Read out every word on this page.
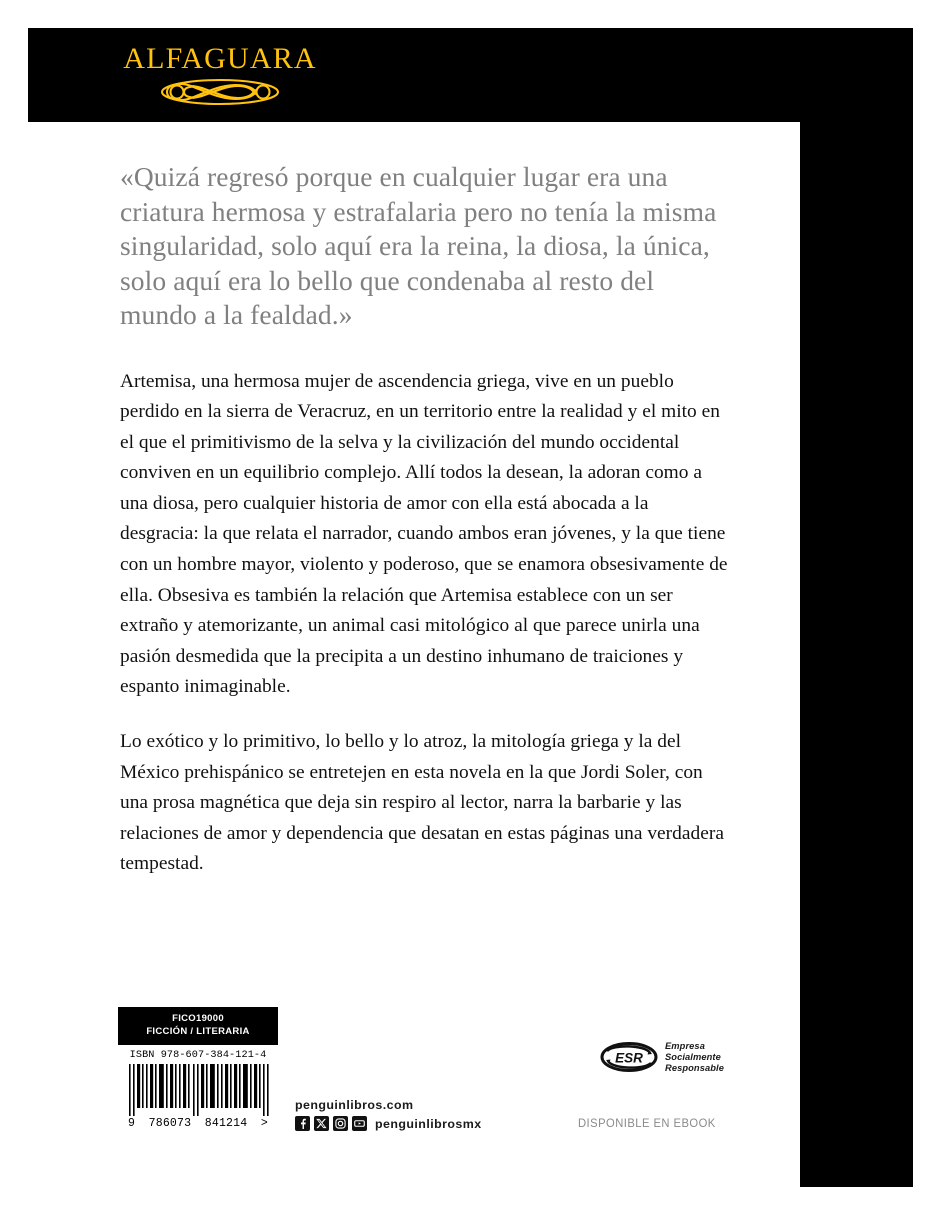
ALFAGUARA

«Quizá regresó porque en cualquier lugar era una criatura hermosa y estrafalaria pero no tenía la misma singularidad, solo aquí era la reina, la diosa, la única, solo aquí era lo bello que condenaba al resto del mundo a la fealdad.»

Artemisa, una hermosa mujer de ascendencia griega, vive en un pueblo perdido en la sierra de Veracruz, en un territorio entre la realidad y el mito en el que el primitivismo de la selva y la civilización del mundo occidental conviven en un equilibrio complejo. Allí todos la desean, la adoran como a una diosa, pero cualquier historia de amor con ella está abocada a la desgracia: la que relata el narrador, cuando ambos eran jóvenes, y la que tiene con un hombre mayor, violento y poderoso, que se enamora obsesivamente de ella. Obsesiva es también la relación que Artemisa establece con un ser extraño y atemorizante, un animal casi mitológico al que parece unirla una pasión desmedida que la precipita a un destino inhumano de traiciones y espanto inimaginable.

Lo exótico y lo primitivo, lo bello y lo atroz, la mitología griega y la del México prehispánico se entretejen en esta novela en la que Jordi Soler, con una prosa magnética que deja sin respiro al lector, narra la barbarie y las relaciones de amor y dependencia que desatan en estas páginas una verdadera tempestad.

FICO19000
FICCIÓN / LITERARIA
ISBN 978-607-384-121-4
9 786073 841214 >
penguinlibros.com
penguinlibrosmx
ESR
Empresa
Socialmente
Responsable
DISPONIBLE EN EBOOK
